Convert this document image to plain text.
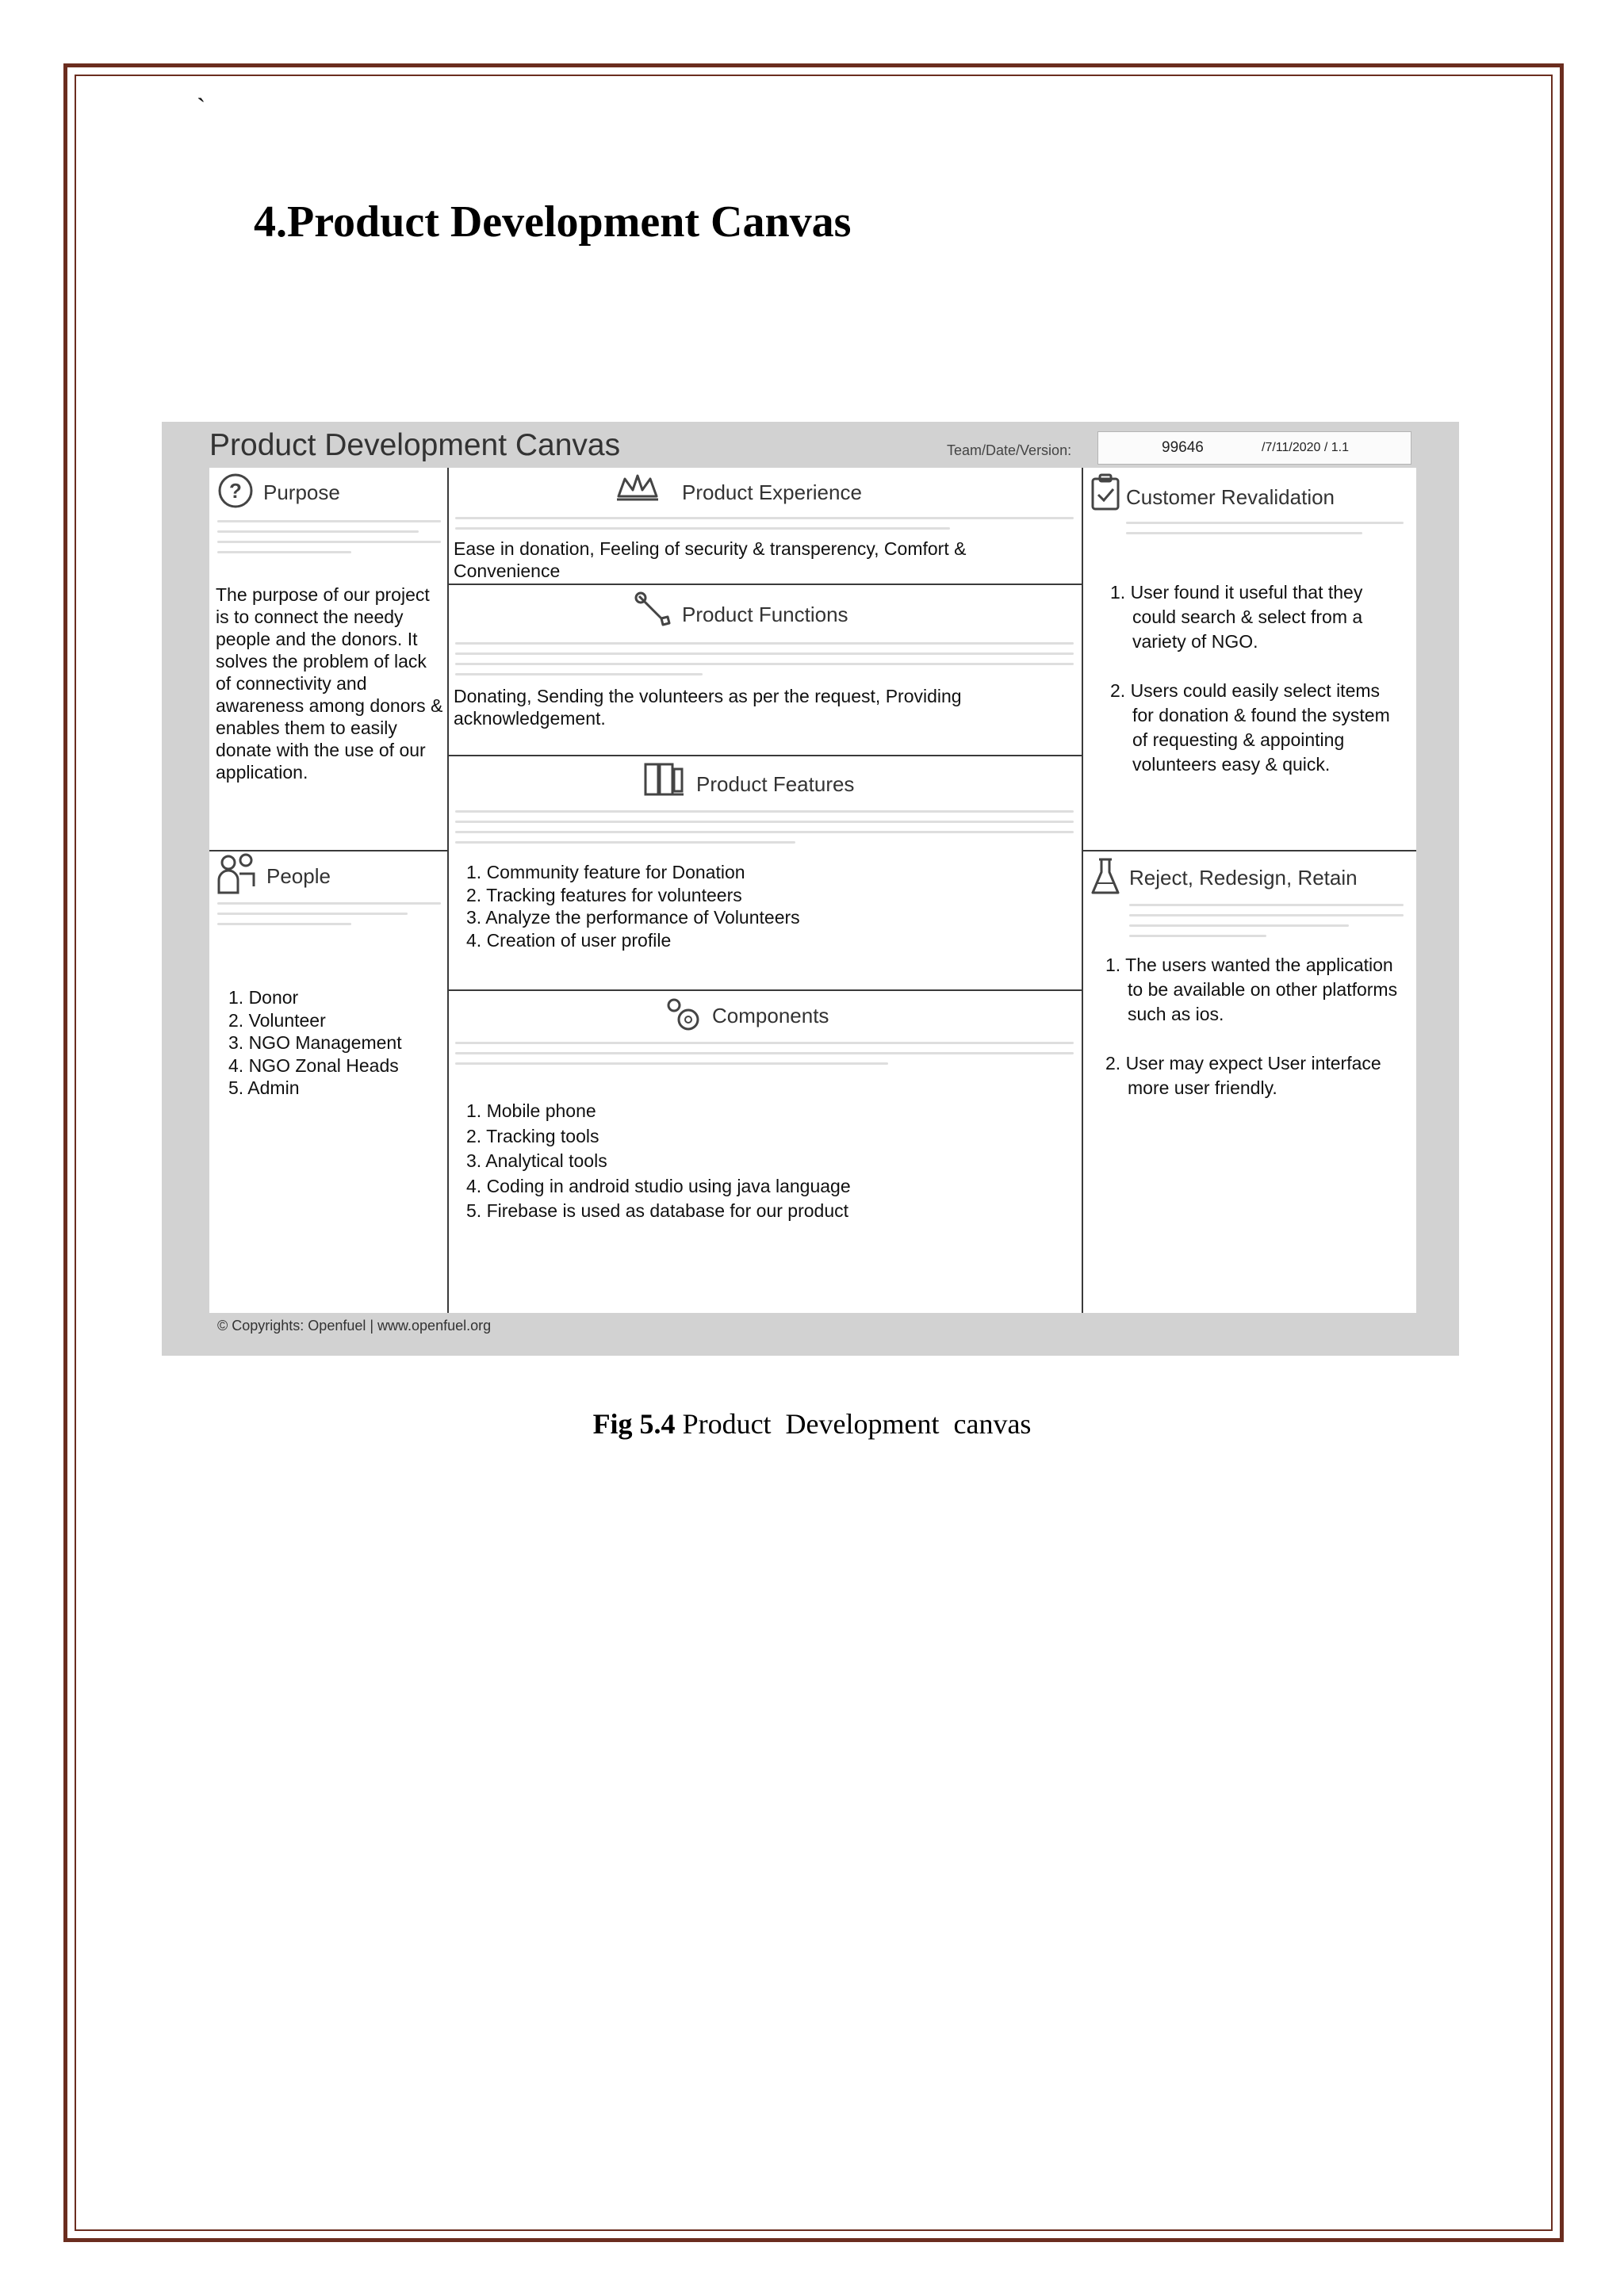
`
4.Product Development Canvas
Product Development Canvas	Team/Date/Version:	99646	/7/11/2020 / 1.1
? Purpose
The purpose of our project is to connect the needy people and the donors. It solves the problem of lack of connectivity and awareness among donors & enables them to easily donate with the use of our application.
People
1. Donor
2. Volunteer
3. NGO Management
4. NGO Zonal Heads
5. Admin
Product Experience
Ease in donation, Feeling of security & transperency, Comfort & Convenience
Product Functions
Donating, Sending the volunteers as per the request, Providing acknowledgement.
Product Features
1. Community feature for Donation
2. Tracking features for volunteers
3. Analyze the performance of Volunteers
4. Creation of user profile
Components
1. Mobile phone
2. Tracking tools
3. Analytical tools
4. Coding in android studio using java language
5. Firebase is used as database for our product
Customer Revalidation
1. User found it useful that they could search & select from a variety of NGO.
2. Users could easily select items for donation & found the system of requesting & appointing volunteers easy & quick.
Reject, Redesign, Retain
1. The users wanted the application to be available on other platforms such as ios.
2. User may expect User interface more user friendly.
© Copyrights: Openfuel | www.openfuel.org
Fig 5.4 Product  Development  canvas
